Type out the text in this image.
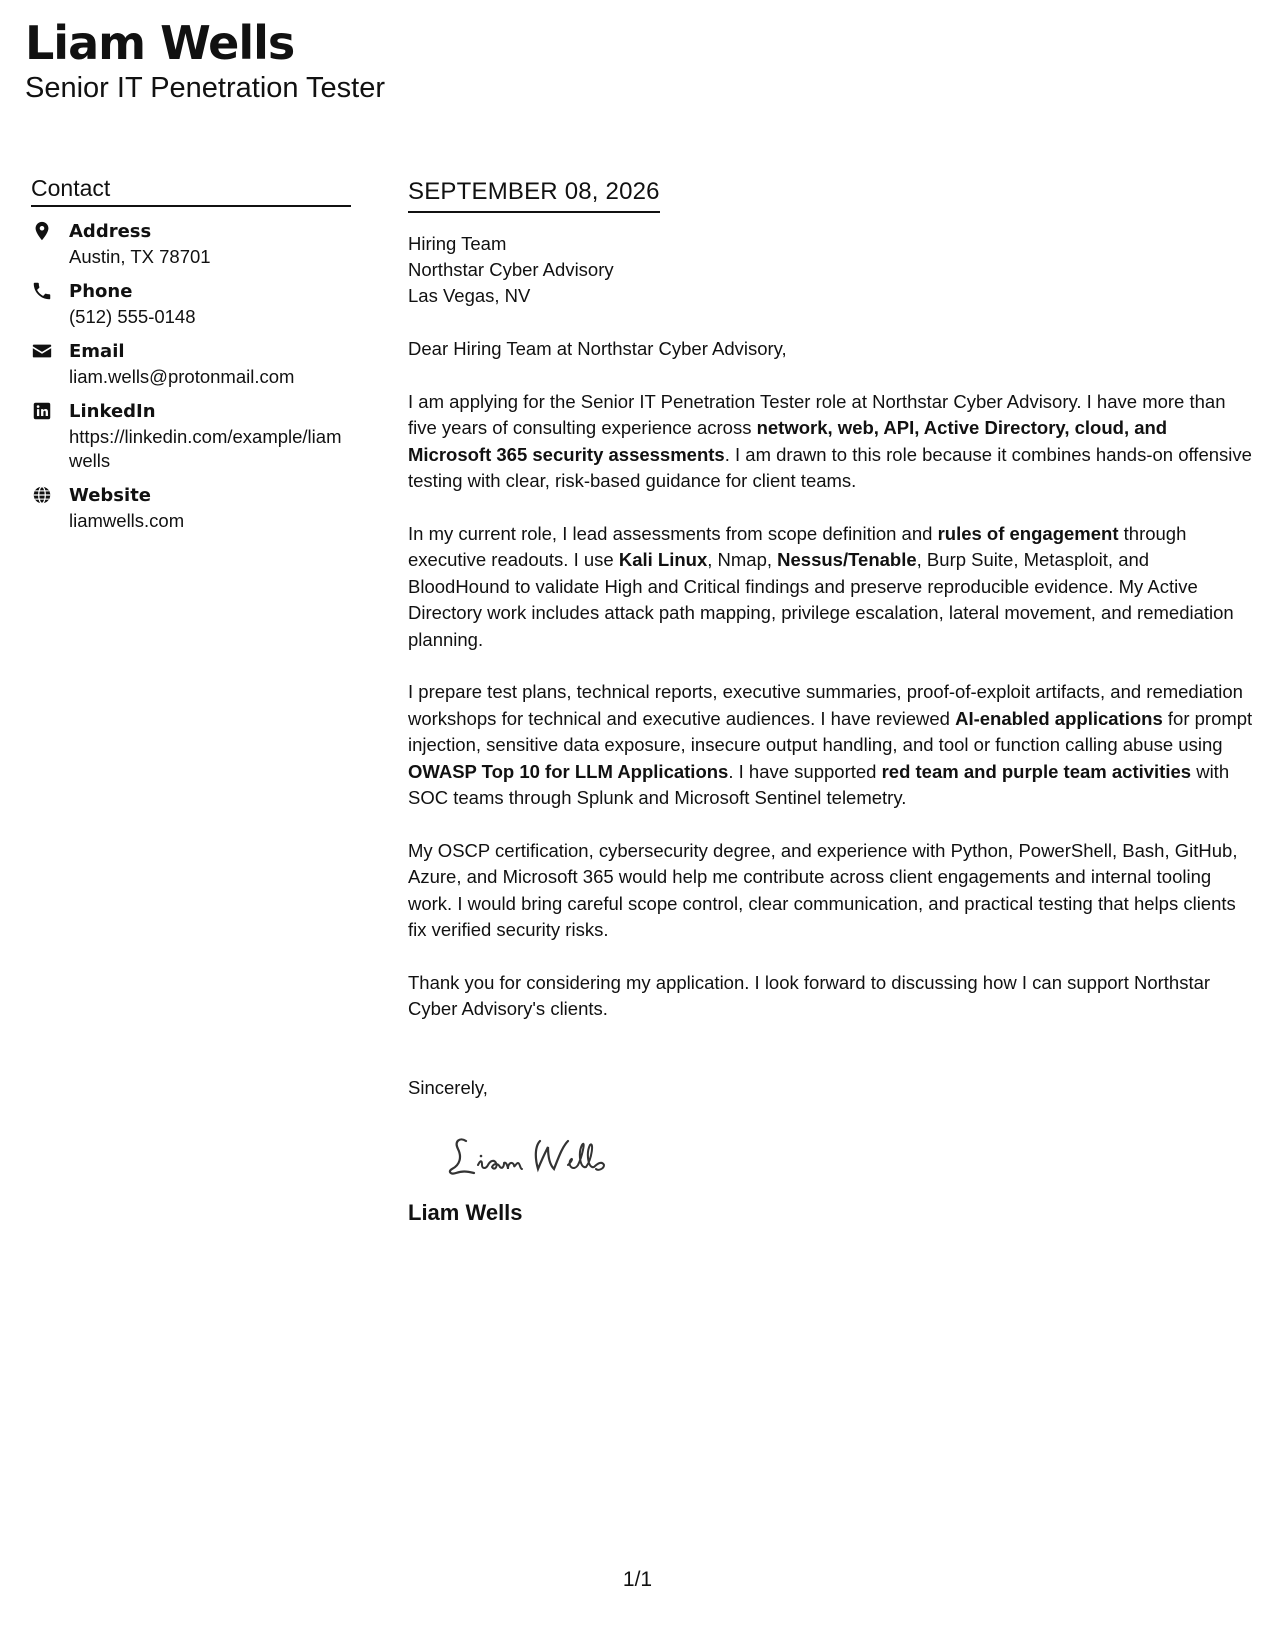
Liam Wells
Senior IT Penetration Tester
Contact
Address
Austin, TX 78701
Phone
(512) 555-0148
Email
liam.wells@protonmail.com
LinkedIn
https://linkedin.com/example/liamwells
Website
liamwells.com
SEPTEMBER 08, 2026
Hiring Team
Northstar Cyber Advisory
Las Vegas, NV
Dear Hiring Team at Northstar Cyber Advisory,
I am applying for the Senior IT Penetration Tester role at Northstar Cyber Advisory. I have more than five years of consulting experience across network, web, API, Active Directory, cloud, and Microsoft 365 security assessments. I am drawn to this role because it combines hands-on offensive testing with clear, risk-based guidance for client teams.
In my current role, I lead assessments from scope definition and rules of engagement through executive readouts. I use Kali Linux, Nmap, Nessus/Tenable, Burp Suite, Metasploit, and BloodHound to validate High and Critical findings and preserve reproducible evidence. My Active Directory work includes attack path mapping, privilege escalation, lateral movement, and remediation planning.
I prepare test plans, technical reports, executive summaries, proof-of-exploit artifacts, and remediation workshops for technical and executive audiences. I have reviewed AI-enabled applications for prompt injection, sensitive data exposure, insecure output handling, and tool or function calling abuse using OWASP Top 10 for LLM Applications. I have supported red team and purple team activities with SOC teams through Splunk and Microsoft Sentinel telemetry.
My OSCP certification, cybersecurity degree, and experience with Python, PowerShell, Bash, GitHub, Azure, and Microsoft 365 would help me contribute across client engagements and internal tooling work. I would bring careful scope control, clear communication, and practical testing that helps clients fix verified security risks.
Thank you for considering my application. I look forward to discussing how I can support Northstar Cyber Advisory's clients.
Sincerely,
Liam Wells
1/1
